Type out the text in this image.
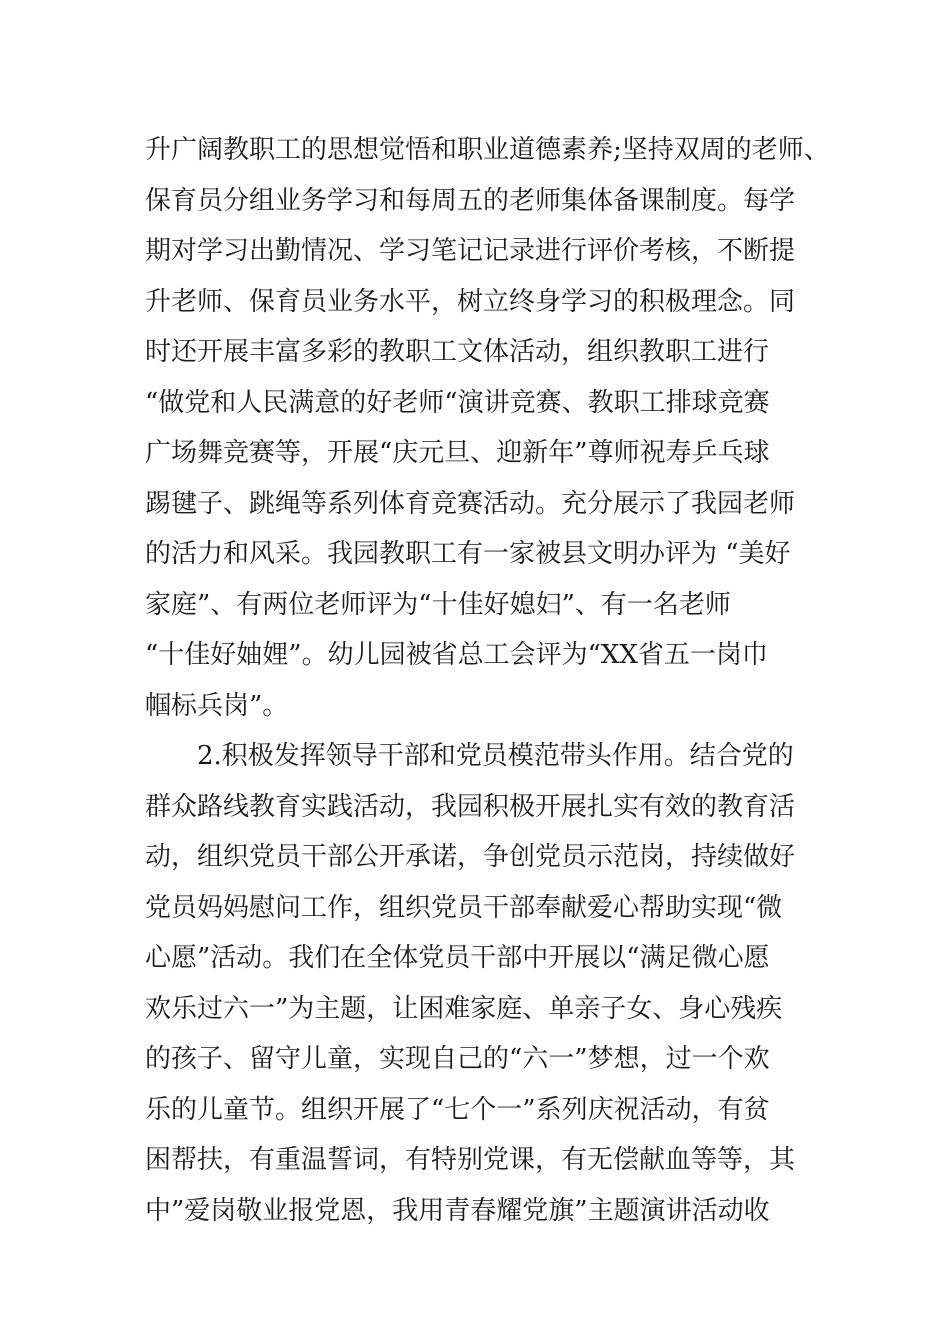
升广阔教职工的思想觉悟和职业道德素养;坚持双周的老师、
保育员分组业务学习和每周五的老师集体备课制度。每学
期对学习出勤情况、学习笔记记录进行评价考核，不断提
升老师、保育员业务水平，树立终身学习的积极理念。同
时还开展丰富多彩的教职工文体活动，组织教职工进行
“做党和人民满意的好老师“演讲竞赛、教职工排球竞赛
广场舞竞赛等，开展“庆元旦、迎新年”尊师祝寿乒乓球
踢毽子、跳绳等系列体育竞赛活动。充分展示了我园老师
的活力和风采。我园教职工有一家被县文明办评为 “美好
家庭”、有两位老师评为“十佳好媳妇”、有一名老师
“十佳好妯娌”。幼儿园被省总工会评为“XX省五一岗巾
帼标兵岗”。
2.积极发挥领导干部和党员模范带头作用。结合党的
群众路线教育实践活动，我园积极开展扎实有效的教育活
动，组织党员干部公开承诺，争创党员示范岗，持续做好
党员妈妈慰问工作，组织党员干部奉献爱心帮助实现“微
心愿”活动。我们在全体党员干部中开展以“满足微心愿
欢乐过六一”为主题，让困难家庭、单亲子女、身心残疾
的孩子、留守儿童，实现自己的“六一”梦想，过一个欢
乐的儿童节。组织开展了“七个一”系列庆祝活动，有贫
困帮扶，有重温誓词，有特别党课，有无偿献血等等，其
中”爱岗敬业报党恩，我用青春耀党旗”主题演讲活动收
